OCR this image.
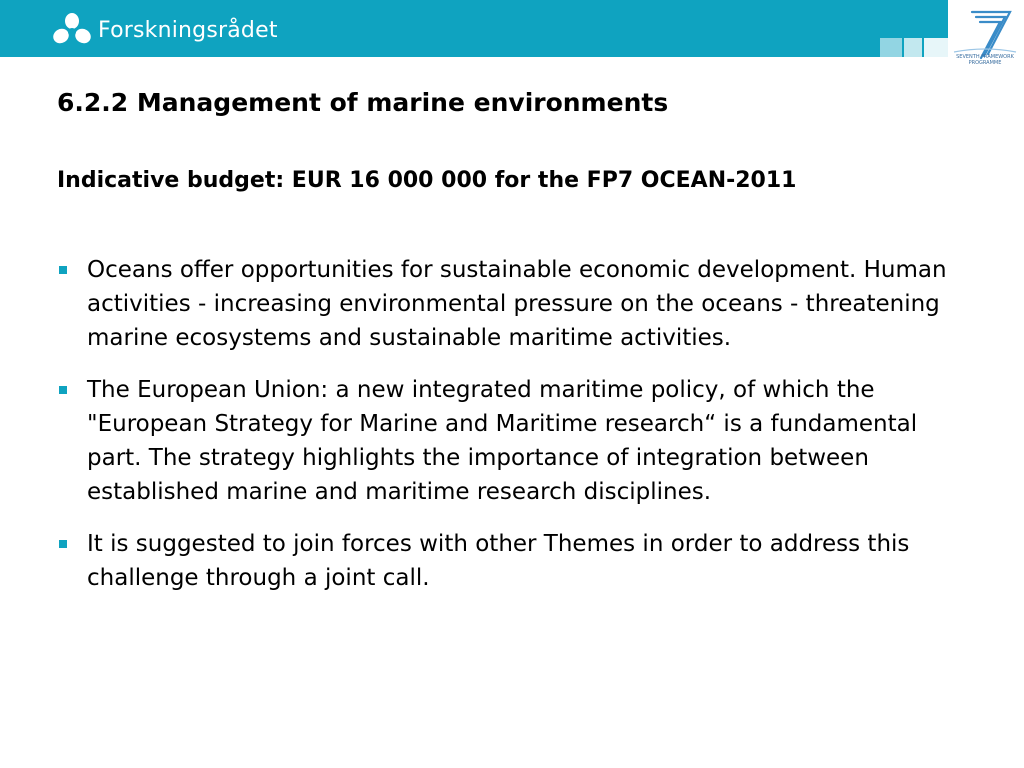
Forskningsrådet
SEVENTH FRAMEWORK
PROGRAMME
6.2.2 Management of marine environments

Indicative budget: EUR 16 000 000 for the FP7 OCEAN-2011

Oceans offer opportunities for sustainable economic development. Human activities - increasing environmental pressure on the oceans - threatening marine ecosystems and sustainable maritime activities.
The European Union: a new integrated maritime policy, of which the "European Strategy for Marine and Maritime research“ is a fundamental part. The strategy highlights the importance of integration between established marine and maritime research disciplines.
It is suggested to join forces with other Themes in order to address this challenge through a joint call.
